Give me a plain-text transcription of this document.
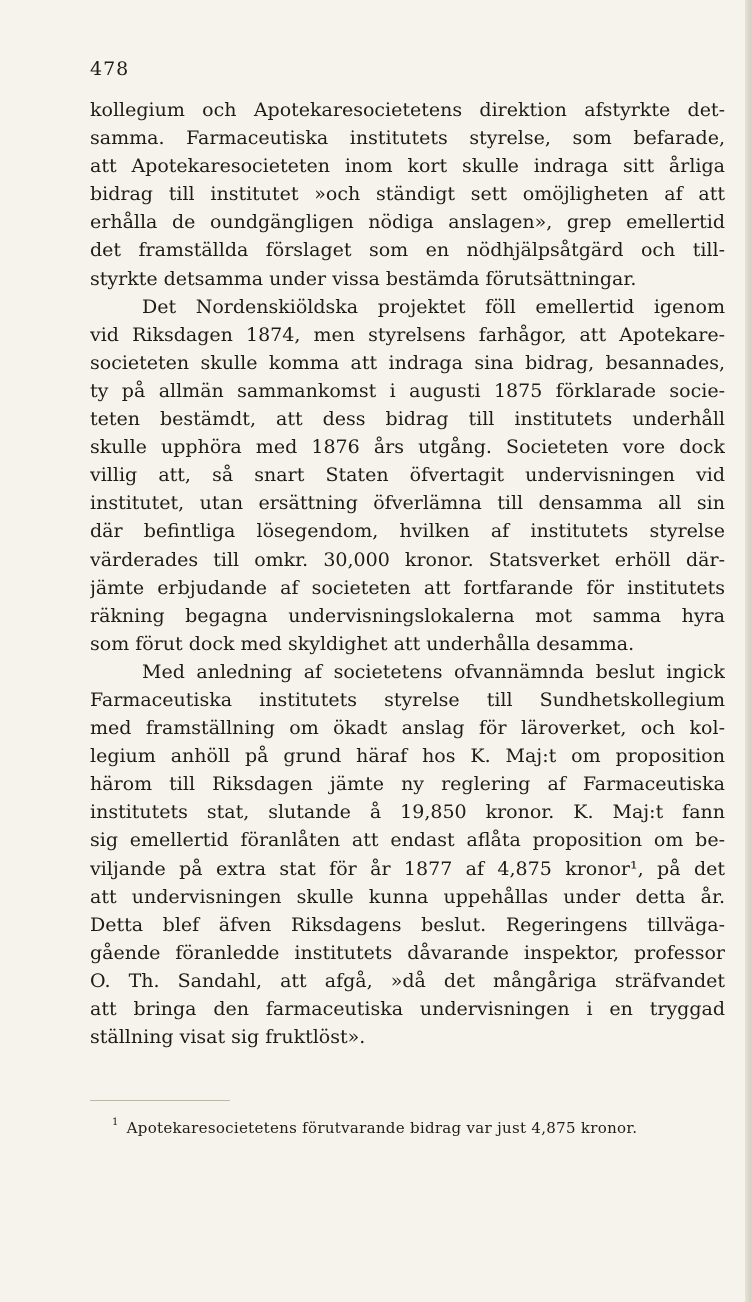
478
kollegium och Apotekaresocietetens direktion afstyrkte det-
samma. Farmaceutiska institutets styrelse, som befarade,
att Apotekaresocieteten inom kort skulle indraga sitt årliga
bidrag till institutet »och ständigt sett omöjligheten af att
erhålla de oundgängligen nödiga anslagen», grep emellertid
det framställda förslaget som en nödhjälpsåtgärd och till-
styrkte detsamma under vissa bestämda förutsättningar.
Det Nordenskiöldska projektet föll emellertid igenom
vid Riksdagen 1874, men styrelsens farhågor, att Apotekare-
societeten skulle komma att indraga sina bidrag, besannades,
ty på allmän sammankomst i augusti 1875 förklarade socie-
teten bestämdt, att dess bidrag till institutets underhåll
skulle upphöra med 1876 års utgång. Societeten vore dock
villig att, så snart Staten öfvertagit undervisningen vid
institutet, utan ersättning öfverlämna till densamma all sin
där befintliga lösegendom, hvilken af institutets styrelse
värderades till omkr. 30,000 kronor. Statsverket erhöll där-
jämte erbjudande af societeten att fortfarande för institutets
räkning begagna undervisningslokalerna mot samma hyra
som förut dock med skyldighet att underhålla desamma.
Med anledning af societetens ofvannämnda beslut ingick
Farmaceutiska institutets styrelse till Sundhetskollegium
med framställning om ökadt anslag för läroverket, och kol-
legium anhöll på grund häraf hos K. Maj:t om proposition
härom till Riksdagen jämte ny reglering af Farmaceutiska
institutets stat, slutande å 19,850 kronor. K. Maj:t fann
sig emellertid föranlåten att endast aflåta proposition om be-
viljande på extra stat för år 1877 af 4,875 kronor¹, på det
att undervisningen skulle kunna uppehållas under detta år.
Detta blef äfven Riksdagens beslut. Regeringens tillväga-
gående föranledde institutets dåvarande inspektor, professor
O. Th. Sandahl, att afgå, »då det mångåriga sträfvandet
att bringa den farmaceutiska undervisningen i en tryggad
ställning visat sig fruktlöst».
$^1$ Apotekaresocietetens förutvarande bidrag var just 4,875 kronor.
